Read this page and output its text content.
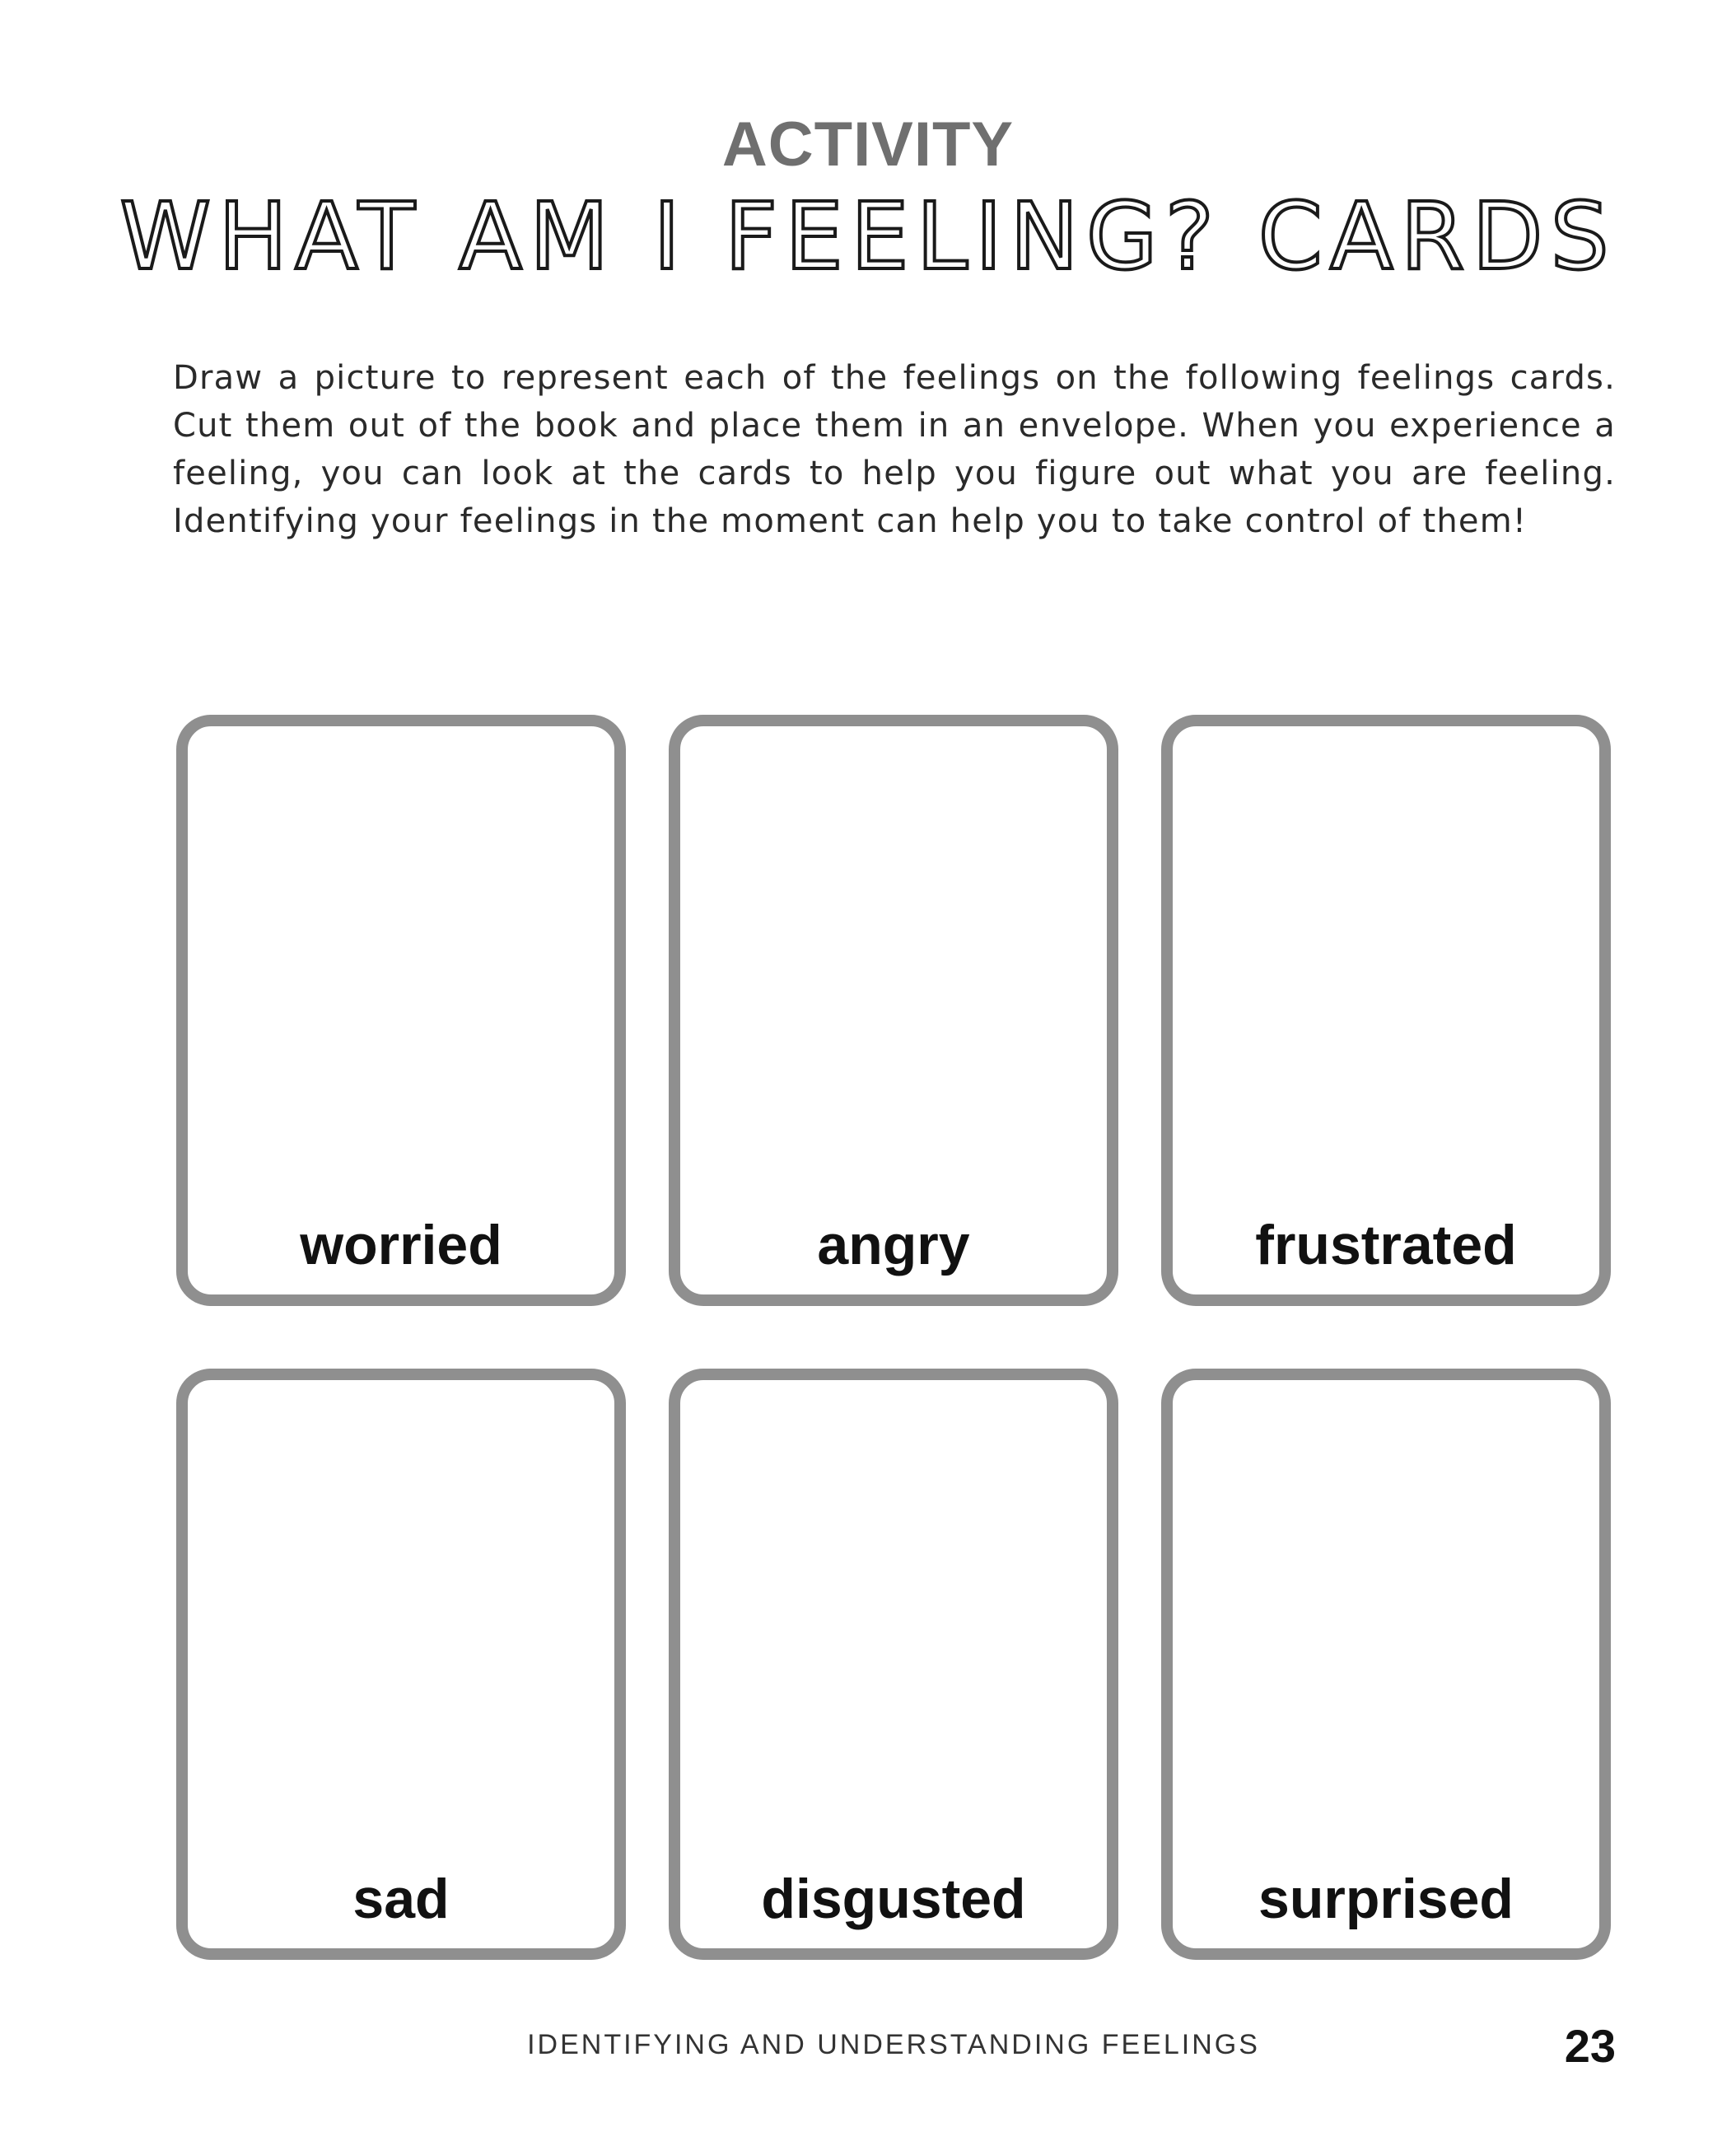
ACTIVITY
WHAT AM I FEELING? CARDS

Draw a picture to represent each of the feelings on the following feelings cards. Cut them out of the book and place them in an envelope. When you experience a feeling, you can look at the cards to help you figure out what you are feeling. Identifying your feelings in the moment can help you to take control of them!

worried	angry	frustrated
sad	disgusted	surprised
IDENTIFYING AND UNDERSTANDING FEELINGS	23
